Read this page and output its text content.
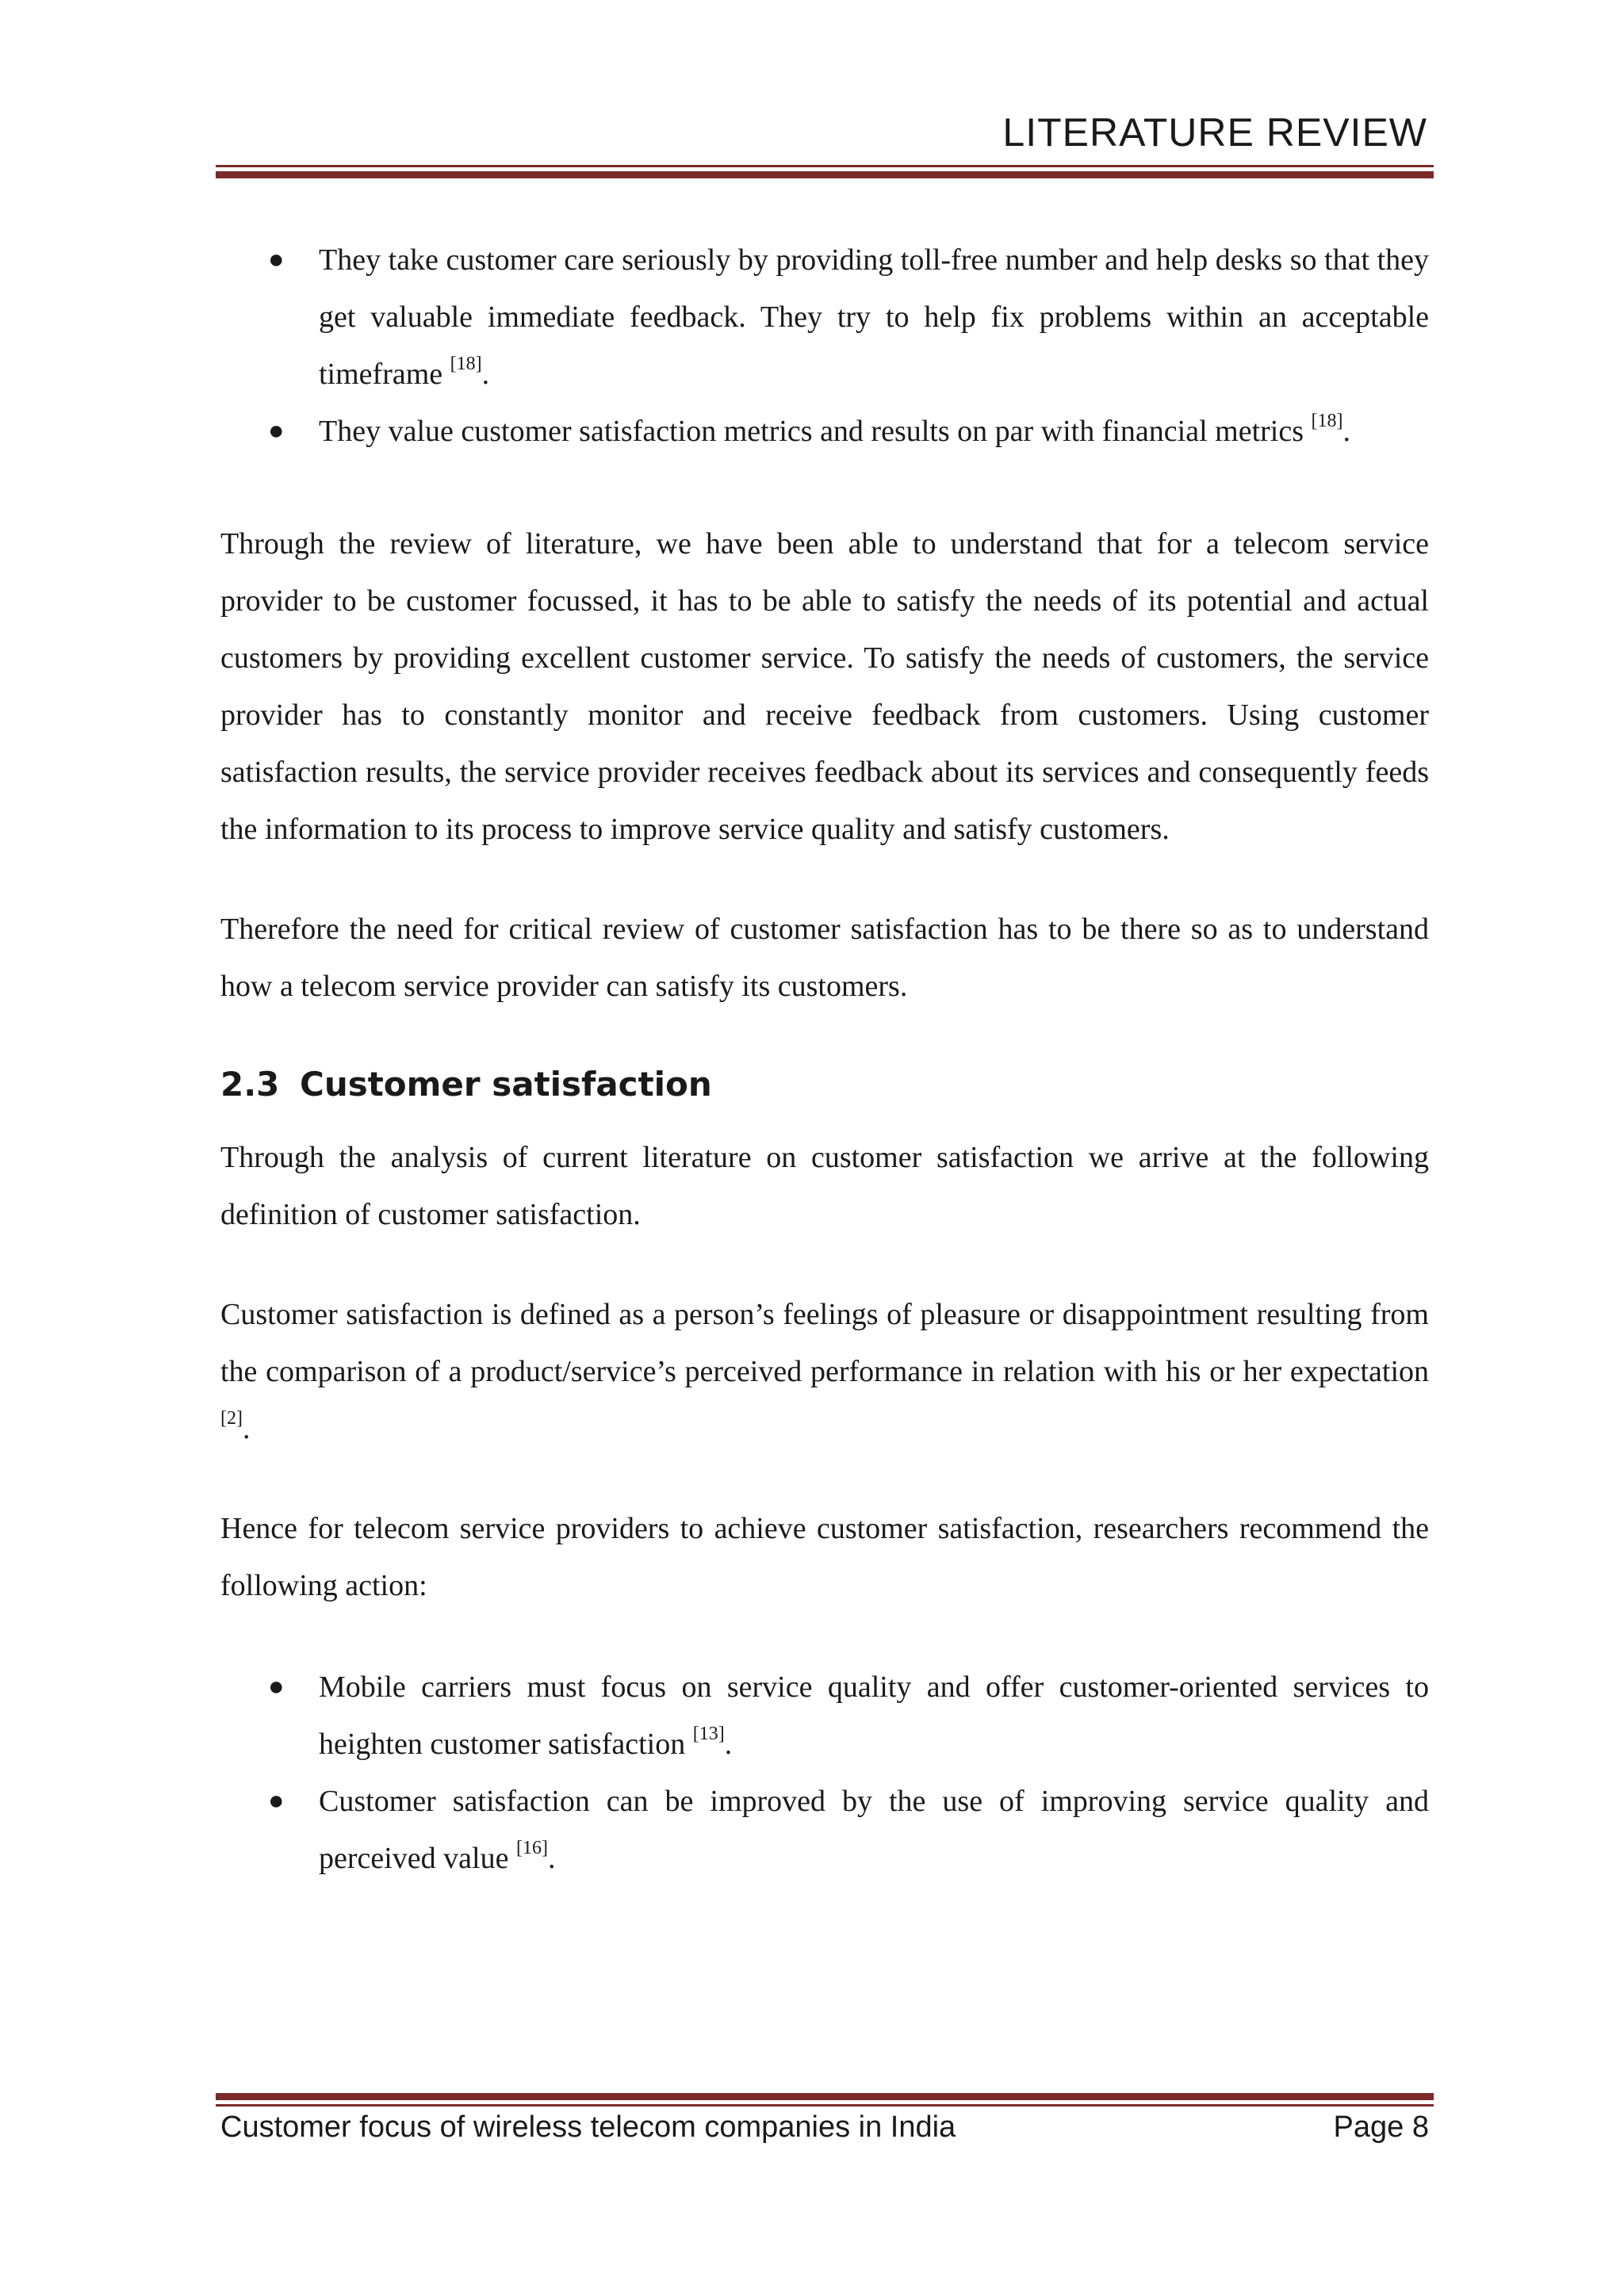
LITERATURE REVIEW
● They take customer care seriously by providing toll-free number and help desks so that they get valuable immediate feedback. They try to help fix problems within an acceptable timeframe [18].
● They value customer satisfaction metrics and results on par with financial metrics [18].

Through the review of literature, we have been able to understand that for a telecom service provider to be customer focussed, it has to be able to satisfy the needs of its potential and actual customers by providing excellent customer service. To satisfy the needs of customers, the service provider has to constantly monitor and receive feedback from customers. Using customer satisfaction results, the service provider receives feedback about its services and consequently feeds the information to its process to improve service quality and satisfy customers.

Therefore the need for critical review of customer satisfaction has to be there so as to understand how a telecom service provider can satisfy its customers.

2.3 Customer satisfaction

Through the analysis of current literature on customer satisfaction we arrive at the following definition of customer satisfaction.

Customer satisfaction is defined as a person’s feelings of pleasure or disappointment resulting from the comparison of a product/service’s perceived performance in relation with his or her expectation [2].

Hence for telecom service providers to achieve customer satisfaction, researchers recommend the following action:

● Mobile carriers must focus on service quality and offer customer-oriented services to heighten customer satisfaction [13].
● Customer satisfaction can be improved by the use of improving service quality and perceived value [16].
Customer focus of wireless telecom companies in India	Page 8
